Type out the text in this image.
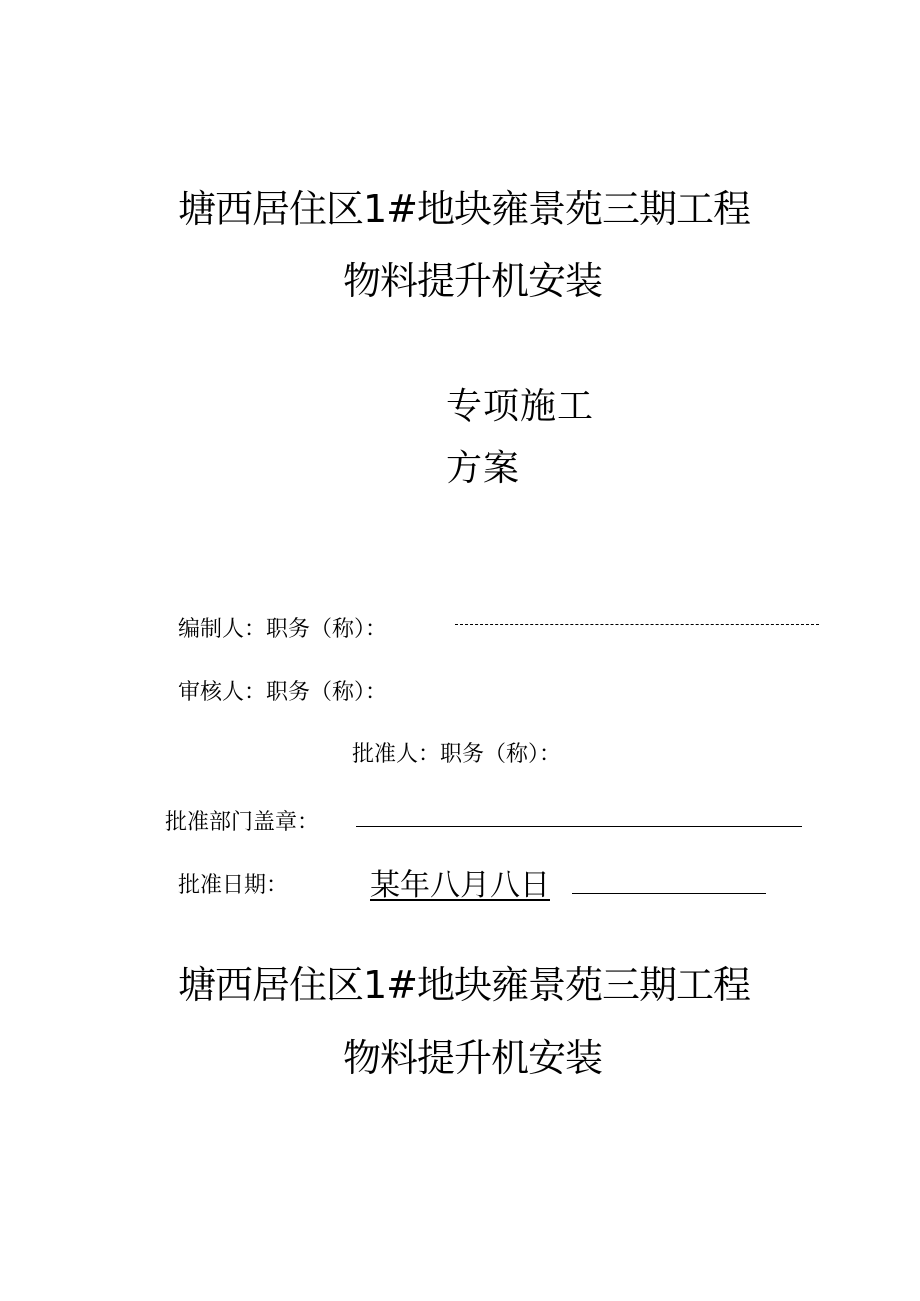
塘西居住区1#地块雍景苑三期工程
物料提升机安装
专项施工
方案
编制人：职务（称）：
审核人：职务（称）：
批准人：职务（称）：
批准部门盖章：
批准日期：	某年八月八日
塘西居住区1#地块雍景苑三期工程
物料提升机安装
